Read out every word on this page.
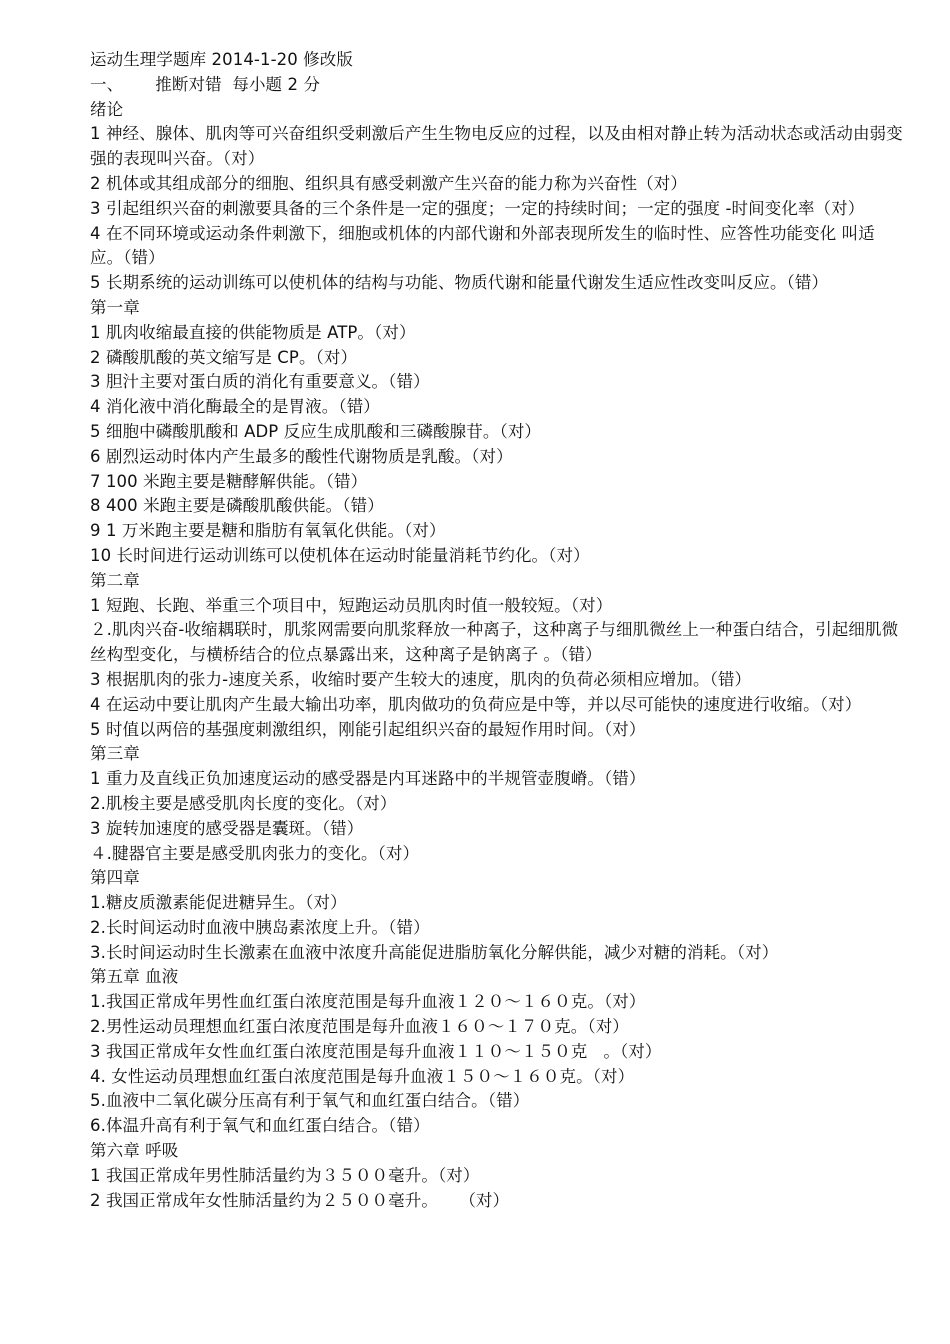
运动生理学题库 2014-1-20 修改版
一、      推断对错  每小题 2 分
绪论
1 神经、腺体、肌肉等可兴奋组织受刺激后产生生物电反应的过程，以及由相对静止转为活动状态或活动由弱变强的表现叫兴奋。（对）
2 机体或其组成部分的细胞、组织具有感受刺激产生兴奋的能力称为兴奋性（对）
3 引起组织兴奋的刺激要具备的三个条件是一定的强度；一定的持续时间；一定的强度 -时间变化率（对）
4 在不同环境或运动条件刺激下，细胞或机体的内部代谢和外部表现所发生的临时性、应答性功能变化 叫适应。（错）
5 长期系统的运动训练可以使机体的结构与功能、物质代谢和能量代谢发生适应性改变叫反应。（错）
第一章
1 肌肉收缩最直接的供能物质是 ATP。（对）
2 磷酸肌酸的英文缩写是 CP。（对）
3 胆汁主要对蛋白质的消化有重要意义。（错）
4 消化液中消化酶最全的是胃液。（错）
5 细胞中磷酸肌酸和 ADP 反应生成肌酸和三磷酸腺苷。（对）
6 剧烈运动时体内产生最多的酸性代谢物质是乳酸。（对）
7 100 米跑主要是糖酵解供能。（错）
8 400 米跑主要是磷酸肌酸供能。（错）
9 1 万米跑主要是糖和脂肪有氧氧化供能。（对）
10 长时间进行运动训练可以使机体在运动时能量消耗节约化。（对）
第二章
1 短跑、长跑、举重三个项目中，短跑运动员肌肉时值一般较短。（对）
２.肌肉兴奋-收缩耦联时，肌浆网需要向肌浆释放一种离子，这种离子与细肌微丝上一种蛋白结合，引起细肌微丝构型变化，与横桥结合的位点暴露出来，这种离子是钠离子 。（错）
3 根据肌肉的张力-速度关系，收缩时要产生较大的速度，肌肉的负荷必须相应增加。（错）
4 在运动中要让肌肉产生最大输出功率，肌肉做功的负荷应是中等，并以尽可能快的速度进行收缩。（对）
5 时值以两倍的基强度刺激组织，刚能引起组织兴奋的最短作用时间。（对）
第三章
1 重力及直线正负加速度运动的感受器是内耳迷路中的半规管壶腹嵴。（错）
2.肌梭主要是感受肌肉长度的变化。（对）
3 旋转加速度的感受器是囊斑。（错）
４.腱器官主要是感受肌肉张力的变化。（对）
第四章
1.糖皮质激素能促进糖异生。（对）
2.长时间运动时血液中胰岛素浓度上升。（错）
3.长时间运动时生长激素在血液中浓度升高能促进脂肪氧化分解供能，减少对糖的消耗。（对）
第五章 血液
1.我国正常成年男性血红蛋白浓度范围是每升血液１２０～１６０克。（对）
2.男性运动员理想血红蛋白浓度范围是每升血液１６０～１７０克。（对）
3 我国正常成年女性血红蛋白浓度范围是每升血液１１０～１５０克   。（对）
4. 女性运动员理想血红蛋白浓度范围是每升血液１５０～１６０克。（对）
5.血液中二氧化碳分压高有利于氧气和血红蛋白结合。（错）
6.体温升高有利于氧气和血红蛋白结合。（错）
第六章 呼吸
1 我国正常成年男性肺活量约为３５００毫升。（对）
2 我国正常成年女性肺活量约为２５００毫升。    （对）
